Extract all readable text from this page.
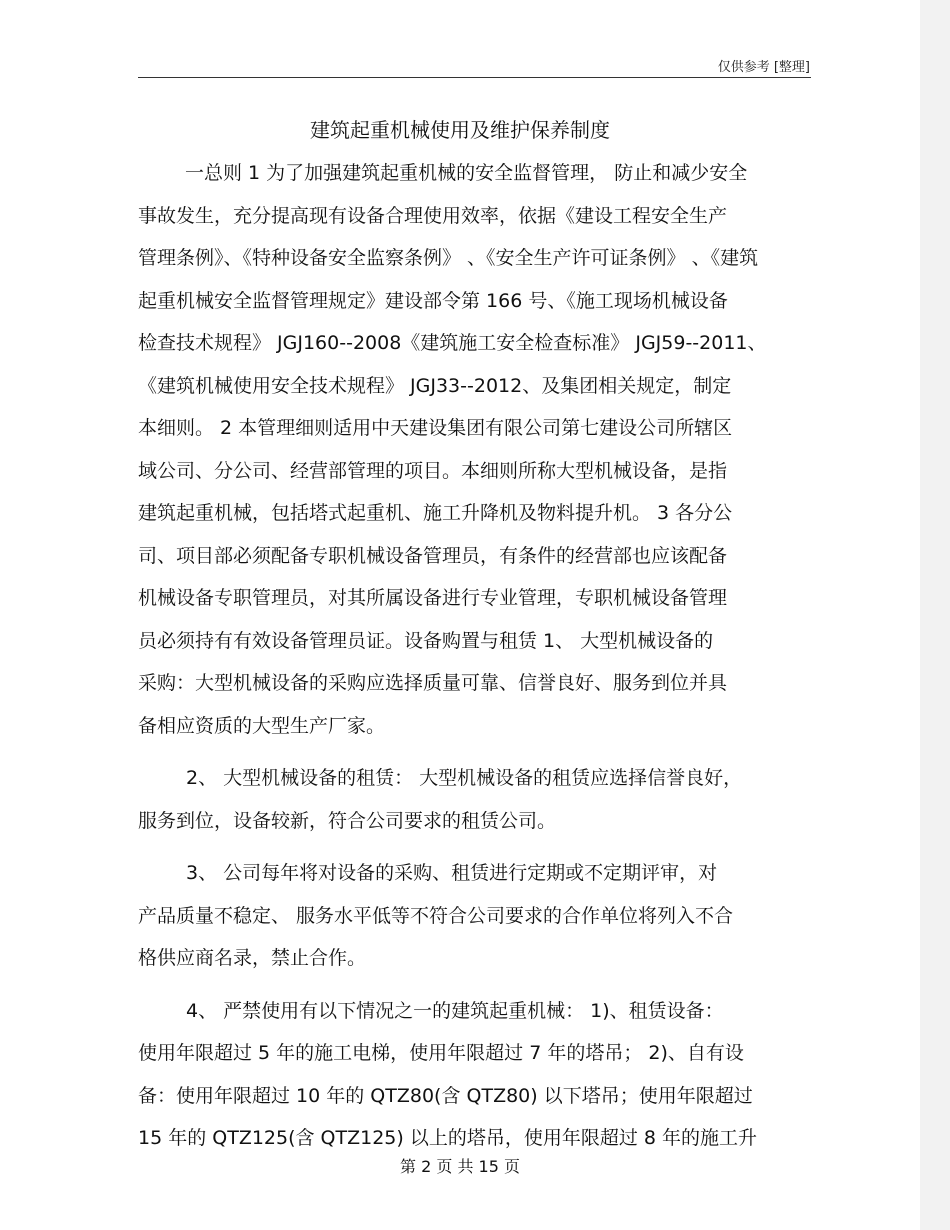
仅供参考 [整理]
建筑起重机械使用及维护保养制度
一总则 1 为了加强建筑起重机械的安全监督管理， 防止和减少安全
事故发生，充分提高现有设备合理使用效率，依据《建设工程安全生产
管理条例》、《特种设备安全监察条例》 、《安全生产许可证条例》 、《建筑
起重机械安全监督管理规定》建设部令第 166 号、《施工现场机械设备
检查技术规程》 JGJ160--2008《建筑施工安全检查标准》 JGJ59--2011、
《建筑机械使用安全技术规程》 JGJ33--2012、及集团相关规定，制定
本细则。 2 本管理细则适用中天建设集团有限公司第七建设公司所辖区
域公司、分公司、经营部管理的项目。本细则所称大型机械设备，是指
建筑起重机械，包括塔式起重机、施工升降机及物料提升机。 3 各分公
司、项目部必须配备专职机械设备管理员，有条件的经营部也应该配备
机械设备专职管理员，对其所属设备进行专业管理，专职机械设备管理
员必须持有有效设备管理员证。设备购置与租赁 1、 大型机械设备的
采购：大型机械设备的采购应选择质量可靠、信誉良好、服务到位并具
备相应资质的大型生产厂家。
2、 大型机械设备的租赁： 大型机械设备的租赁应选择信誉良好，
服务到位，设备较新，符合公司要求的租赁公司。
3、 公司每年将对设备的采购、租赁进行定期或不定期评审，对
产品质量不稳定、 服务水平低等不符合公司要求的合作单位将列入不合
格供应商名录，禁止合作。
4、 严禁使用有以下情况之一的建筑起重机械： 1)、租赁设备：
使用年限超过 5 年的施工电梯，使用年限超过 7 年的塔吊； 2)、自有设
备：使用年限超过 10 年的 QTZ80(含 QTZ80) 以下塔吊；使用年限超过
15 年的 QTZ125(含 QTZ125) 以上的塔吊，使用年限超过 8 年的施工升
第 2 页 共 15 页
